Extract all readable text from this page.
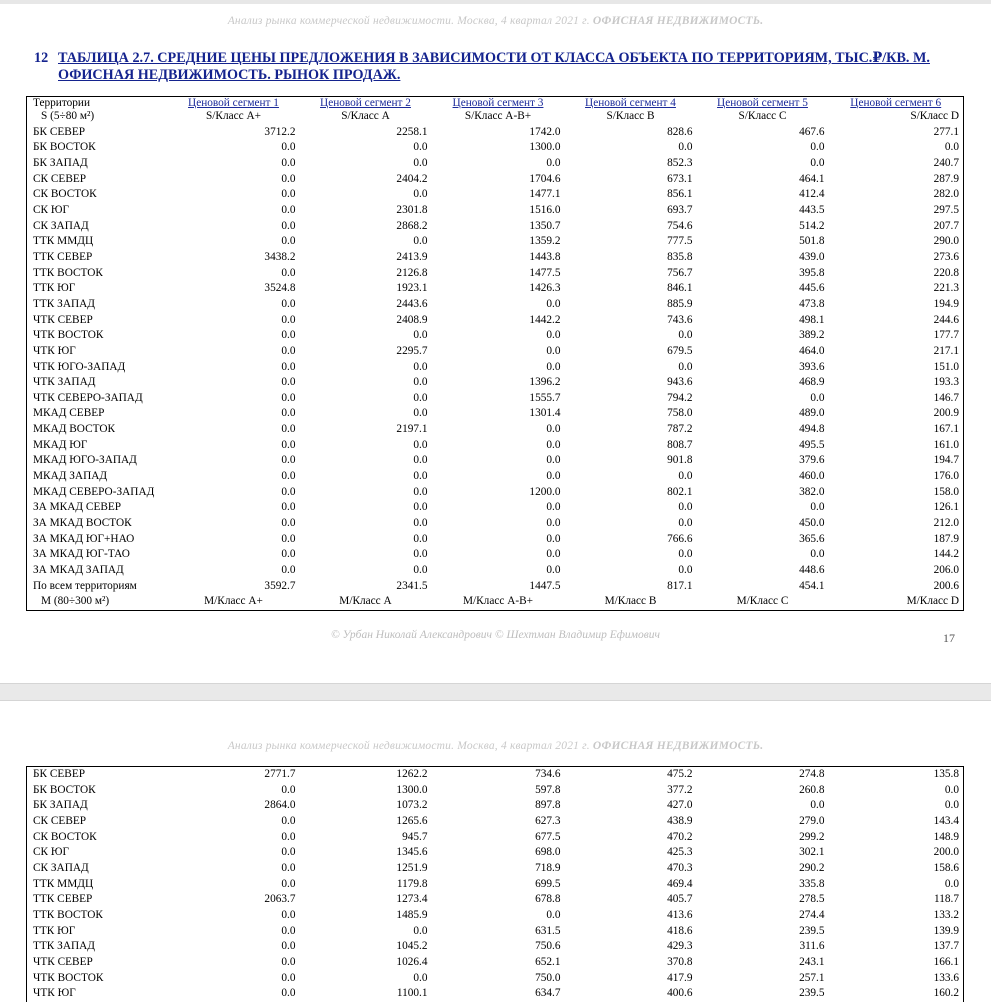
Анализ рынка коммерческой недвижимости. Москва, 4 квартал 2021 г. ОФИСНАЯ НЕДВИЖИМОСТЬ.
12 ТАБЛИЦА 2.7. СРЕДНИЕ ЦЕНЫ ПРЕДЛОЖЕНИЯ В ЗАВИСИМОСТИ ОТ КЛАССА ОБЪЕКТА ПО ТЕРРИТОРИЯМ, ТЫС.₽/КВ. М.
ОФИСНАЯ НЕДВИЖИМОСТЬ. РЫНОК ПРОДАЖ.
Территории	Ценовой сегмент 1	Ценовой сегмент 2	Ценовой сегмент 3	Ценовой сегмент 4	Ценовой сегмент 5	Ценовой сегмент 6
S (5÷80 м²)	S/Класс А+	S/Класс А	S/Класс А-В+	S/Класс В	S/Класс С	S/Класс D
БК СЕВЕР	3712.2	2258.1	1742.0	828.6	467.6	277.1
БК ВОСТОК	0.0	0.0	1300.0	0.0	0.0	0.0
БК ЗАПАД	0.0	0.0	0.0	852.3	0.0	240.7
СК СЕВЕР	0.0	2404.2	1704.6	673.1	464.1	287.9
СК ВОСТОК	0.0	0.0	1477.1	856.1	412.4	282.0
СК ЮГ	0.0	2301.8	1516.0	693.7	443.5	297.5
СК ЗАПАД	0.0	2868.2	1350.7	754.6	514.2	207.7
ТТК ММДЦ	0.0	0.0	1359.2	777.5	501.8	290.0
ТТК СЕВЕР	3438.2	2413.9	1443.8	835.8	439.0	273.6
ТТК ВОСТОК	0.0	2126.8	1477.5	756.7	395.8	220.8
ТТК ЮГ	3524.8	1923.1	1426.3	846.1	445.6	221.3
ТТК ЗАПАД	0.0	2443.6	0.0	885.9	473.8	194.9
ЧТК СЕВЕР	0.0	2408.9	1442.2	743.6	498.1	244.6
ЧТК ВОСТОК	0.0	0.0	0.0	0.0	389.2	177.7
ЧТК ЮГ	0.0	2295.7	0.0	679.5	464.0	217.1
ЧТК ЮГО-ЗАПАД	0.0	0.0	0.0	0.0	393.6	151.0
ЧТК ЗАПАД	0.0	0.0	1396.2	943.6	468.9	193.3
ЧТК СЕВЕРО-ЗАПАД	0.0	0.0	1555.7	794.2	0.0	146.7
МКАД СЕВЕР	0.0	0.0	1301.4	758.0	489.0	200.9
МКАД ВОСТОК	0.0	2197.1	0.0	787.2	494.8	167.1
МКАД ЮГ	0.0	0.0	0.0	808.7	495.5	161.0
МКАД ЮГО-ЗАПАД	0.0	0.0	0.0	901.8	379.6	194.7
МКАД ЗАПАД	0.0	0.0	0.0	0.0	460.0	176.0
МКАД СЕВЕРО-ЗАПАД	0.0	0.0	1200.0	802.1	382.0	158.0
ЗА МКАД СЕВЕР	0.0	0.0	0.0	0.0	0.0	126.1
ЗА МКАД ВОСТОК	0.0	0.0	0.0	0.0	450.0	212.0
ЗА МКАД ЮГ+НАО	0.0	0.0	0.0	766.6	365.6	187.9
ЗА МКАД ЮГ-ТАО	0.0	0.0	0.0	0.0	0.0	144.2
ЗА МКАД ЗАПАД	0.0	0.0	0.0	0.0	448.6	206.0
По всем территориям	3592.7	2341.5	1447.5	817.1	454.1	200.6
M (80÷300 м²)	M/Класс А+	M/Класс А	M/Класс А-В+	M/Класс В	M/Класс С	M/Класс D
© Урбан Николай Александрович © Шехтман Владимир Ефимович	17
Анализ рынка коммерческой недвижимости. Москва, 4 квартал 2021 г. ОФИСНАЯ НЕДВИЖИМОСТЬ.
БК СЕВЕР	2771.7	1262.2	734.6	475.2	274.8	135.8
БК ВОСТОК	0.0	1300.0	597.8	377.2	260.8	0.0
БК ЗАПАД	2864.0	1073.2	897.8	427.0	0.0	0.0
СК СЕВЕР	0.0	1265.6	627.3	438.9	279.0	143.4
СК ВОСТОК	0.0	945.7	677.5	470.2	299.2	148.9
СК ЮГ	0.0	1345.6	698.0	425.3	302.1	200.0
СК ЗАПАД	0.0	1251.9	718.9	470.3	290.2	158.6
ТТК ММДЦ	0.0	1179.8	699.5	469.4	335.8	0.0
ТТК СЕВЕР	2063.7	1273.4	678.8	405.7	278.5	118.7
ТТК ВОСТОК	0.0	1485.9	0.0	413.6	274.4	133.2
ТТК ЮГ	0.0	0.0	631.5	418.6	239.5	139.9
ТТК ЗАПАД	0.0	1045.2	750.6	429.3	311.6	137.7
ЧТК СЕВЕР	0.0	1026.4	652.1	370.8	243.1	166.1
ЧТК ВОСТОК	0.0	0.0	750.0	417.9	257.1	133.6
ЧТК ЮГ	0.0	1100.1	634.7	400.6	239.5	160.2
